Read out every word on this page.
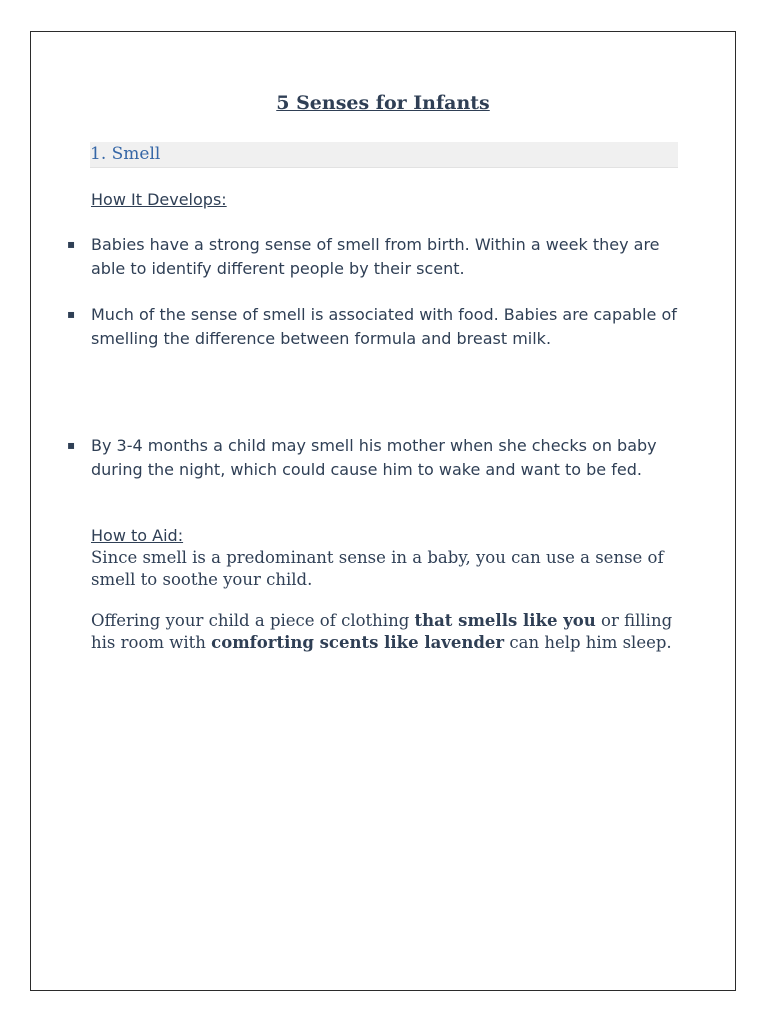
5 Senses for Infants
1. Smell

How It Develops:

▪ Babies have a strong sense of smell from birth. Within a week they are able to identify different people by their scent.
▪ Much of the sense of smell is associated with food. Babies are capable of smelling the difference between formula and breast milk.
▪ By 3-4 months a child may smell his mother when she checks on baby during the night, which could cause him to wake and want to be fed.

How to Aid:

Since smell is a predominant sense in a baby, you can use a sense of smell to soothe your child.

Offering your child a piece of clothing that smells like you or filling his room with comforting scents like lavender can help him sleep.
